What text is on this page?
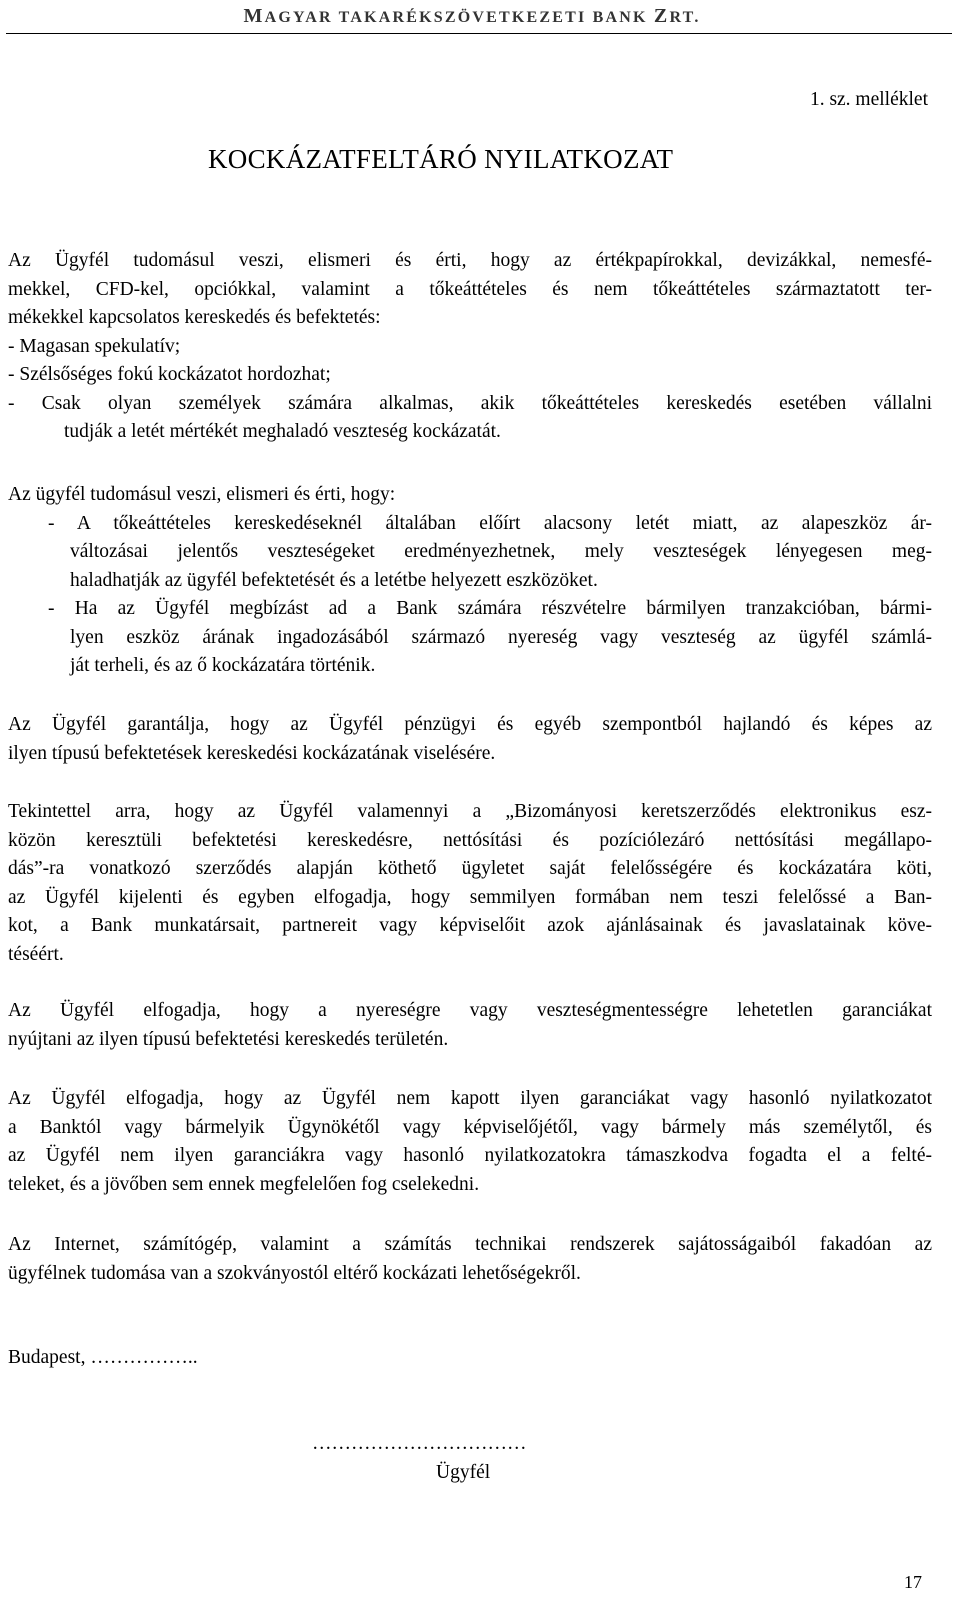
MAGYAR TAKARÉKSZÖVETKEZETI BANK ZRT.
1. sz. melléklet
KOCKÁZATFELTÁRÓ NYILATKOZAT
Az Ügyfél tudomásul veszi, elismeri és érti, hogy az értékpapírokkal, devizákkal, nemesfé-
mekkel, CFD-kel, opciókkal, valamint a tőkeáttételes és nem tőkeáttételes származtatott ter-
mékekkel kapcsolatos kereskedés és befektetés:
- Magasan spekulatív;
- Szélsőséges fokú kockázatot hordozhat;
- Csak olyan személyek számára alkalmas, akik tőkeáttételes kereskedés esetében vállalni
tudják a letét mértékét meghaladó veszteség kockázatát.
Az ügyfél tudomásul veszi, elismeri és érti, hogy:
- A tőkeáttételes kereskedéseknél általában előírt alacsony letét miatt, az alapeszköz ár-
változásai jelentős veszteségeket eredményezhetnek, mely veszteségek lényegesen meg-
haladhatják az ügyfél befektetését és a letétbe helyezett eszközöket.
- Ha az Ügyfél megbízást ad a Bank számára részvételre bármilyen tranzakcióban, bármi-
lyen eszköz árának ingadozásából származó nyereség vagy veszteség az ügyfél számlá-
ját terheli, és az ő kockázatára történik.
Az Ügyfél garantálja, hogy az Ügyfél pénzügyi és egyéb szempontból hajlandó és képes az
ilyen típusú befektetések kereskedési kockázatának viselésére.
Tekintettel arra, hogy az Ügyfél valamennyi a „Bizományosi keretszerződés elektronikus esz-
közön keresztüli befektetési kereskedésre, nettósítási és pozíciólezáró nettósítási megállapo-
dás”-ra vonatkozó szerződés alapján köthető ügyletet saját felelősségére és kockázatára köti,
az Ügyfél kijelenti és egyben elfogadja, hogy semmilyen formában nem teszi felelőssé a Ban-
kot, a Bank munkatársait, partnereit vagy képviselőit azok ajánlásainak és javaslatainak köve-
téséért.
Az Ügyfél elfogadja, hogy a nyereségre vagy veszteségmentességre lehetetlen garanciákat
nyújtani az ilyen típusú befektetési kereskedés területén.
Az Ügyfél elfogadja, hogy az Ügyfél nem kapott ilyen garanciákat vagy hasonló nyilatkozatot
a Banktól vagy bármelyik Ügynökétől vagy képviselőjétől, vagy bármely más személytől, és
az Ügyfél nem ilyen garanciákra vagy hasonló nyilatkozatokra támaszkodva fogadta el a felté-
teleket, és a jövőben sem ennek megfelelően fog cselekedni.
Az Internet, számítógép, valamint a számítás technikai rendszerek sajátosságaiból fakadóan az
ügyfélnek tudomása van a szokványostól eltérő kockázati lehetőségekről.
Budapest, ……………..
……………………………
Ügyfél
17
